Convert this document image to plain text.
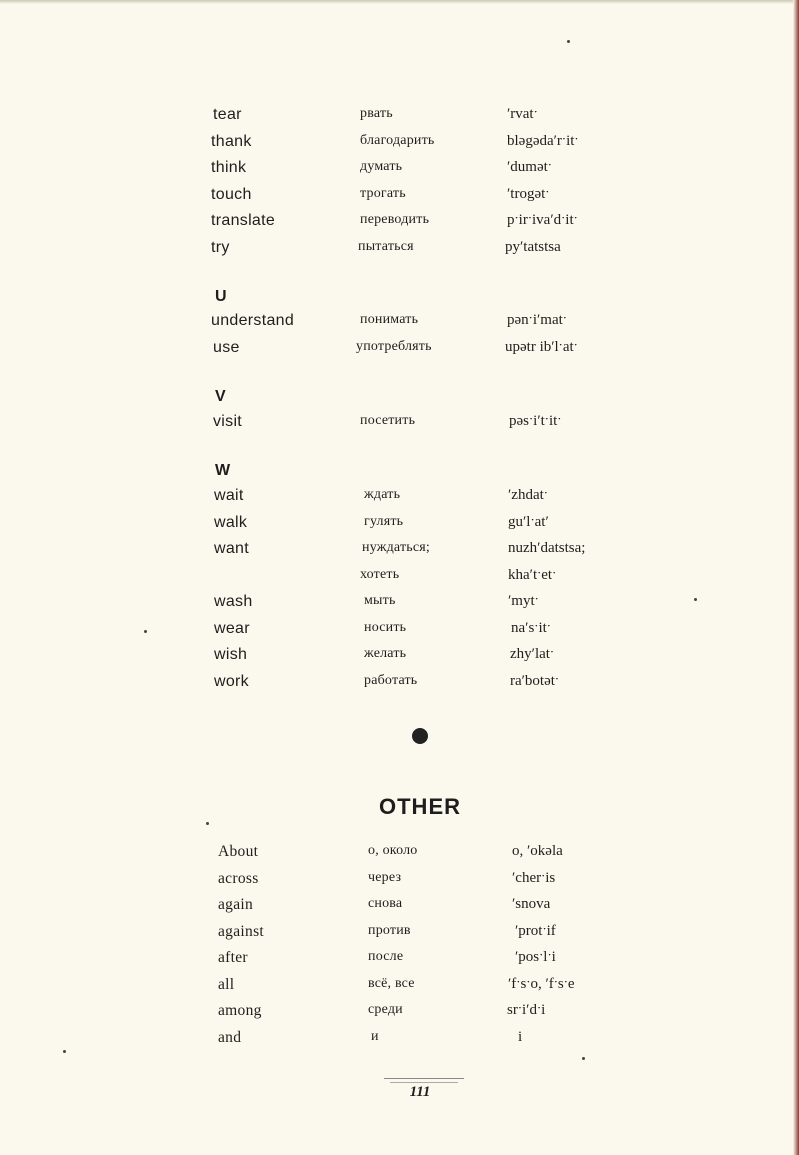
tear	рвать	ʹrvatˑ
thank	благодарить	blәgәdaʹrˑitˑ
think	думать	ʹdumәtˑ
touch	трогать	ʹtrogәtˑ
translate	переводить	pˑirˑivaʹdˑitˑ
try	пытаться	pyʹtatstsa
U
understand	понимать	pәnˑiʹmatˑ
use	употреблять	upәtr ibʹlˑatˑ
V
visit	посетить	pәsˑiʹtˑitˑ
W
wait	ждать	ʹzhdatˑ
walk	гулять	guʹlˑatʹ
want	нуждаться;	nuzhʹdatstsa;
хотеть	khaʹtˑetˑ
wash	мыть	ʹmytˑ
wear	носить	naʹsˑitˑ
wish	желать	zhyʹlatˑ
work	работать	raʹbotәtˑ
OTHER
About	о, около	o, ʹokәla
across	через	ʹcherˑis
again	снова	ʹsnova
against	против	ʹprotˑif
after	после	ʹposˑlˑi
all	всё, все	ʹfˑsˑo, ʹfˑsˑe
among	среди	srˑiʹdˑi
and	и	i
111
